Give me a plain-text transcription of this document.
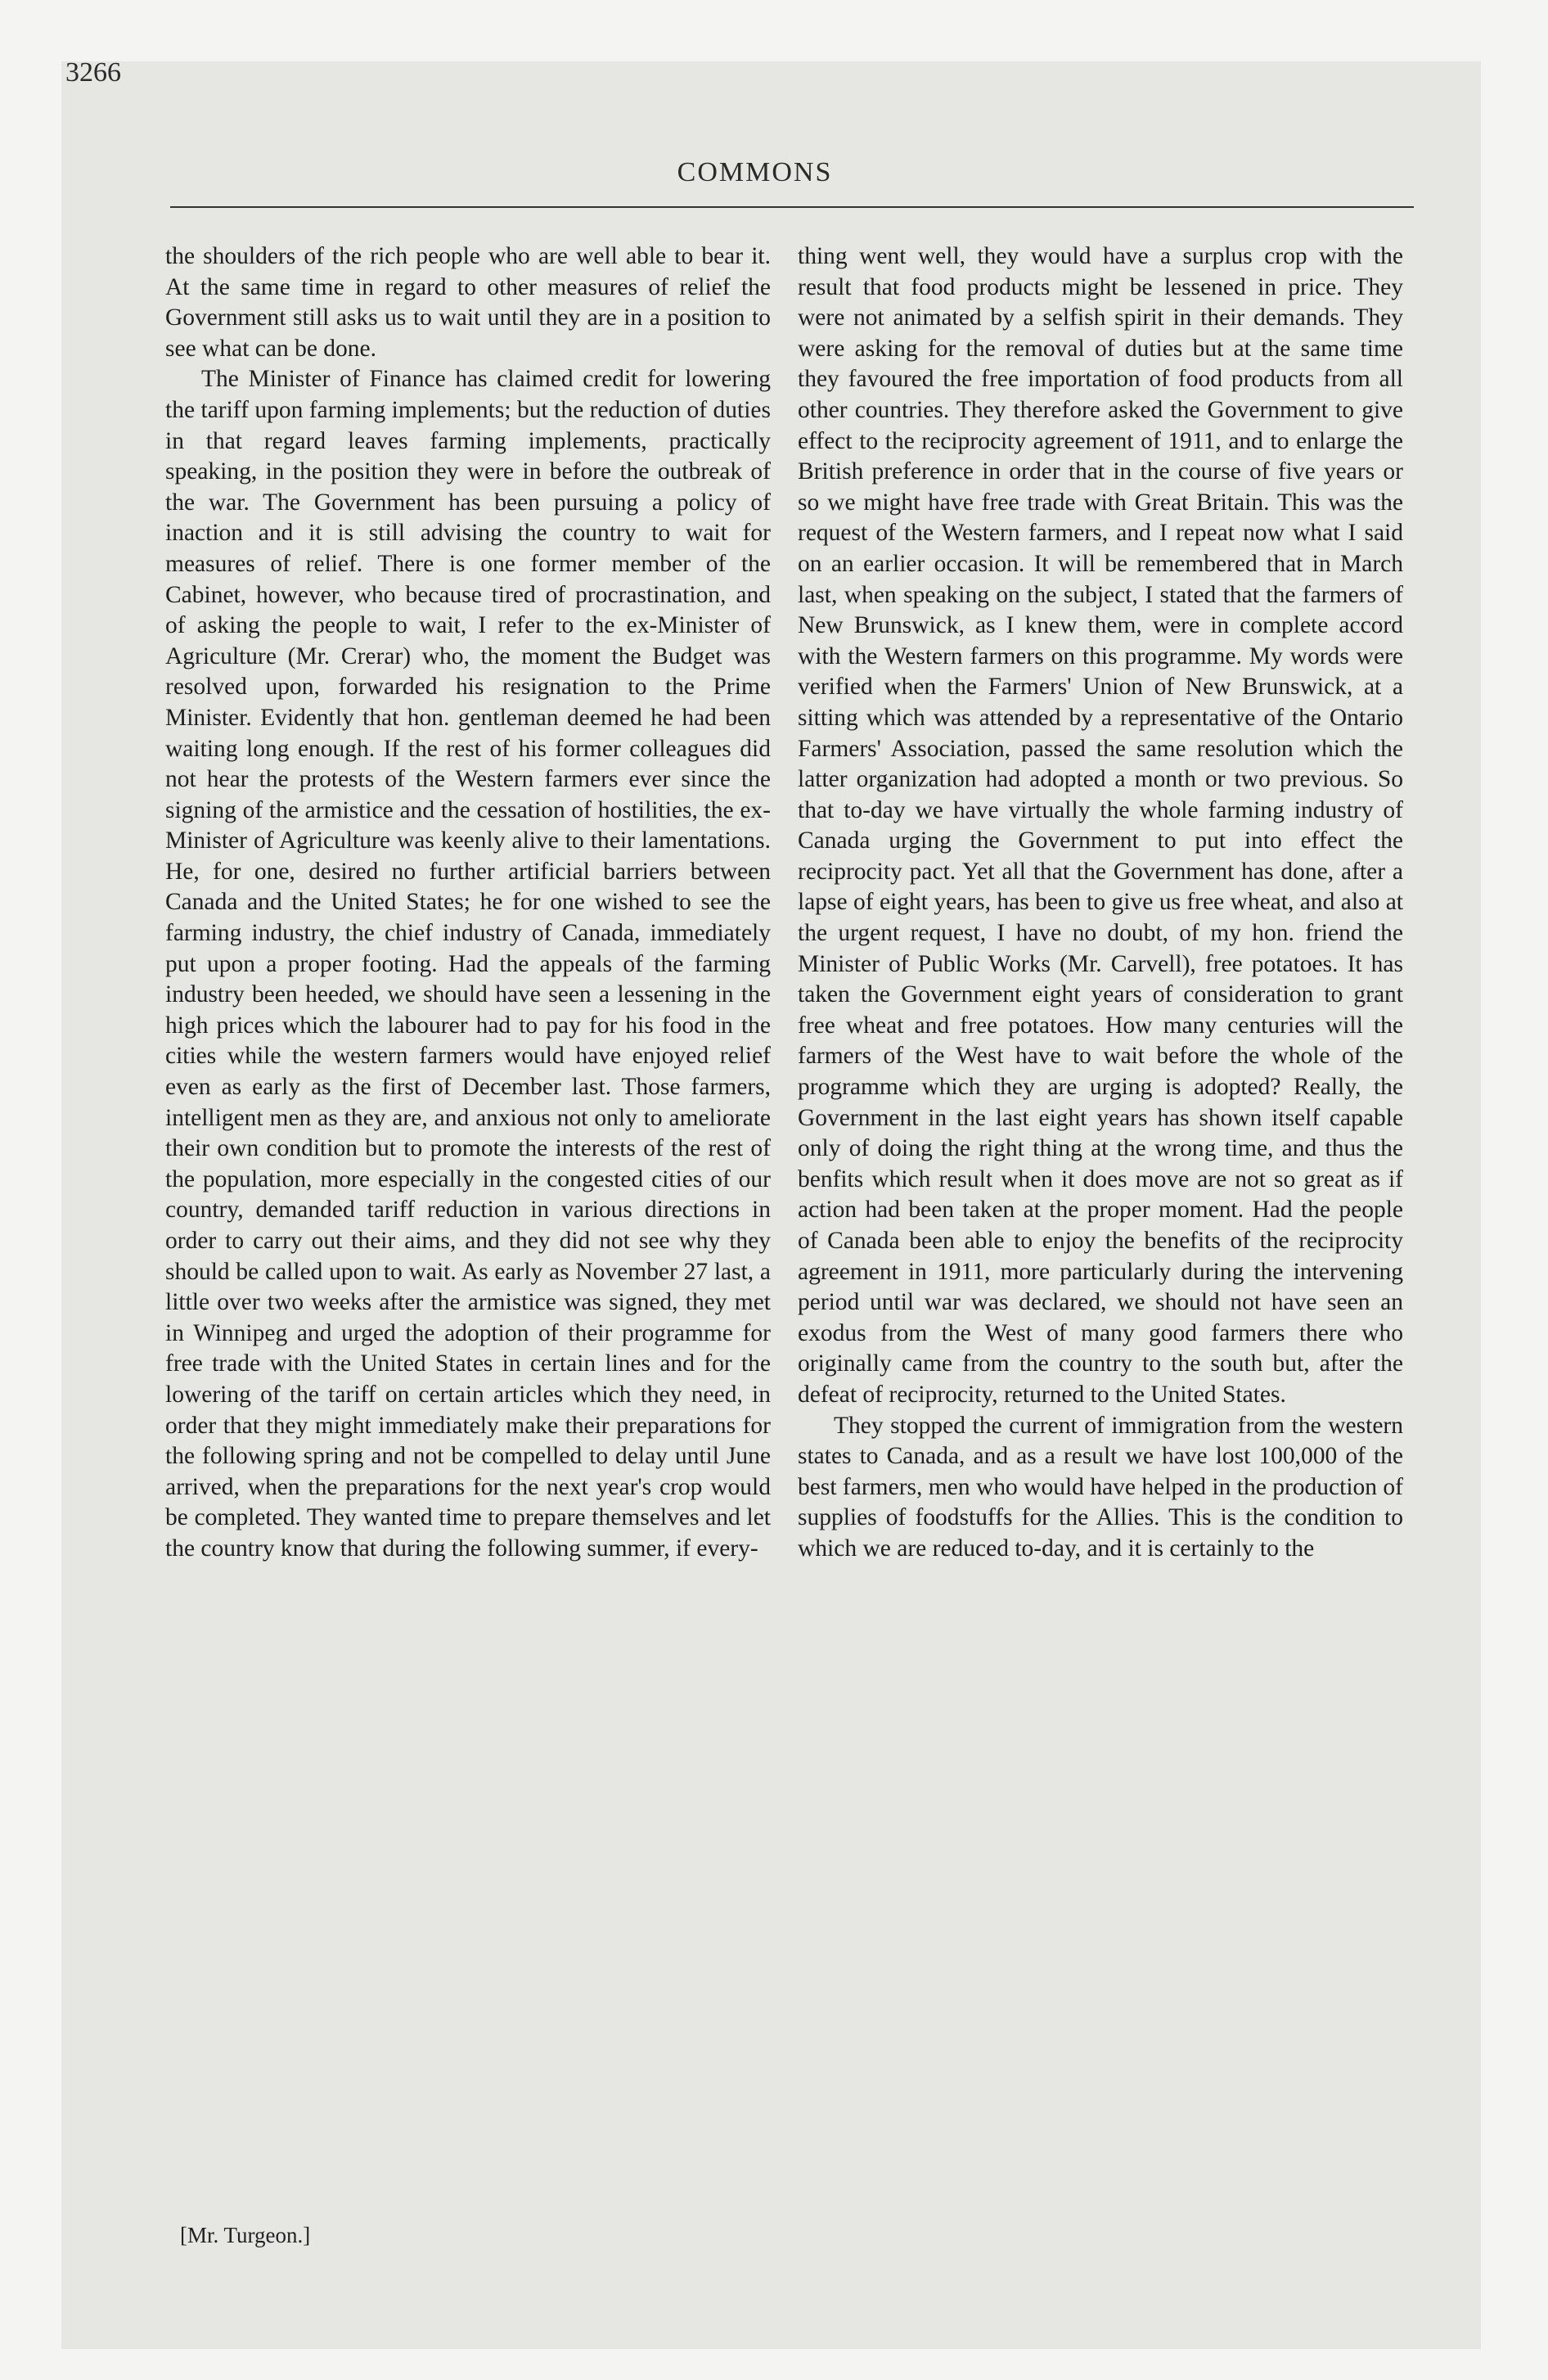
3266
COMMONS

the shoulders of the rich people who are well able to bear it. At the same time in regard to other measures of relief the Government still asks us to wait until they are in a position to see what can be done.

The Minister of Finance has claimed credit for lowering the tariff upon farming implements; but the reduction of duties in that regard leaves farming implements, practically speaking, in the position they were in before the outbreak of the war. The Government has been pursuing a policy of inaction and it is still advising the country to wait for measures of relief. There is one former member of the Cabinet, however, who because tired of procrastination, and of asking the people to wait, I refer to the ex-Minister of Agriculture (Mr. Crerar) who, the moment the Budget was resolved upon, forwarded his resignation to the Prime Minister. Evidently that hon. gentleman deemed he had been waiting long enough. If the rest of his former colleagues did not hear the protests of the Western farmers ever since the signing of the armistice and the cessation of hostilities, the ex-Minister of Agriculture was keenly alive to their lamentations. He, for one, desired no further artificial barriers between Canada and the United States; he for one wished to see the farming industry, the chief industry of Canada, immediately put upon a proper footing. Had the appeals of the farming industry been heeded, we should have seen a lessening in the high prices which the labourer had to pay for his food in the cities while the western farmers would have enjoyed relief even as early as the first of December last. Those farmers, intelligent men as they are, and anxious not only to ameliorate their own condition but to promote the interests of the rest of the population, more especially in the congested cities of our country, demanded tariff reduction in various directions in order to carry out their aims, and they did not see why they should be called upon to wait. As early as November 27 last, a little over two weeks after the armistice was signed, they met in Winnipeg and urged the adoption of their programme for free trade with the United States in certain lines and for the lowering of the tariff on certain articles which they need, in order that they might immediately make their preparations for the following spring and not be compelled to delay until June arrived, when the preparations for the next year's crop would be completed. They wanted time to prepare themselves and let the country know that during the following summer, if every-

thing went well, they would have a surplus crop with the result that food products might be lessened in price. They were not animated by a selfish spirit in their demands. They were asking for the removal of duties but at the same time they favoured the free importation of food products from all other countries. They therefore asked the Government to give effect to the reciprocity agreement of 1911, and to enlarge the British preference in order that in the course of five years or so we might have free trade with Great Britain. This was the request of the Western farmers, and I repeat now what I said on an earlier occasion. It will be remembered that in March last, when speaking on the subject, I stated that the farmers of New Brunswick, as I knew them, were in complete accord with the Western farmers on this programme. My words were verified when the Farmers' Union of New Brunswick, at a sitting which was attended by a representative of the Ontario Farmers' Association, passed the same resolution which the latter organization had adopted a month or two previous. So that to-day we have virtually the whole farming industry of Canada urging the Government to put into effect the reciprocity pact. Yet all that the Government has done, after a lapse of eight years, has been to give us free wheat, and also at the urgent request, I have no doubt, of my hon. friend the Minister of Public Works (Mr. Carvell), free potatoes. It has taken the Government eight years of consideration to grant free wheat and free potatoes. How many centuries will the farmers of the West have to wait before the whole of the programme which they are urging is adopted? Really, the Government in the last eight years has shown itself capable only of doing the right thing at the wrong time, and thus the benfits which result when it does move are not so great as if action had been taken at the proper moment. Had the people of Canada been able to enjoy the benefits of the reciprocity agreement in 1911, more particularly during the intervening period until war was declared, we should not have seen an exodus from the West of many good farmers there who originally came from the country to the south but, after the defeat of reciprocity, returned to the United States.

They stopped the current of immigration from the western states to Canada, and as a result we have lost 100,000 of the best farmers, men who would have helped in the production of supplies of foodstuffs for the Allies. This is the condition to which we are reduced to-day, and it is certainly to the

[Mr. Turgeon.]
